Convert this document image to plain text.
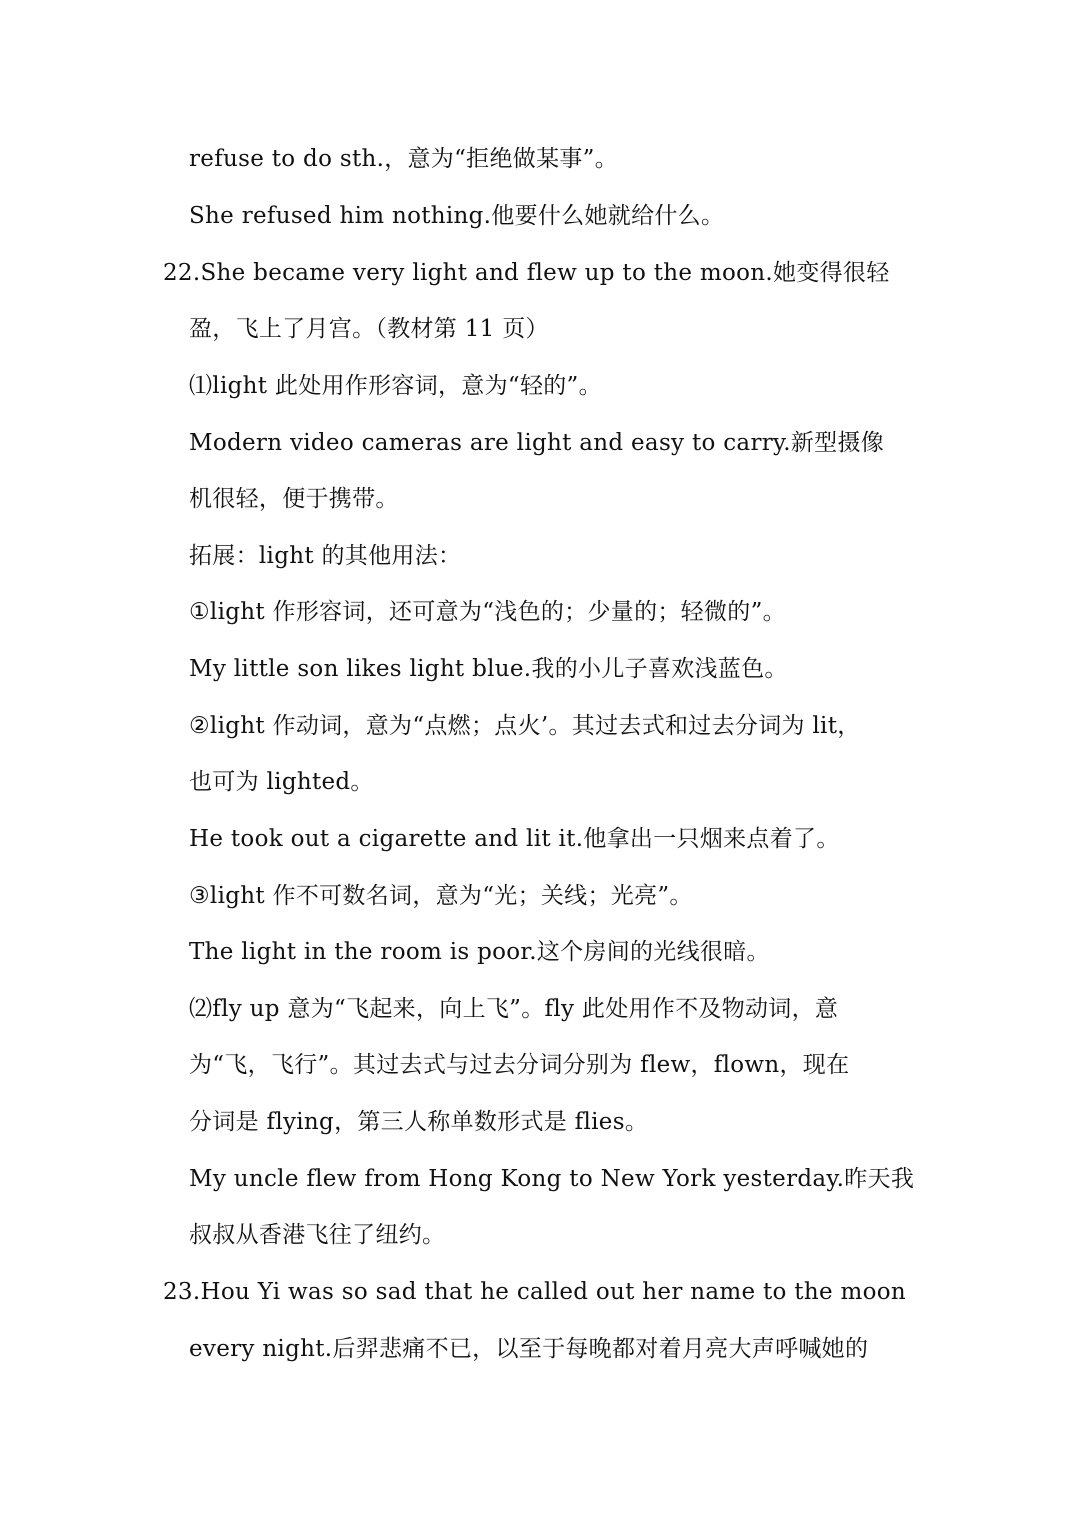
refuse to do sth.，意为“拒绝做某事”。
She refused him nothing.他要什么她就给什么。
22.She became very light and flew up to the moon.她变得很轻
盈，飞上了月宫。（教材第 11 页）
⑴light 此处用作形容词，意为“轻的”。
Modern video cameras are light and easy to carry.新型摄像
机很轻，便于携带。
拓展：light 的其他用法：
①light 作形容词，还可意为“浅色的；少量的；轻微的”。
My little son likes light blue.我的小儿子喜欢浅蓝色。
②light 作动词，意为“点燃；点火’。其过去式和过去分词为 lit，
也可为 lighted。
He took out a cigarette and lit it.他拿出一只烟来点着了。
③light 作不可数名词，意为“光；关线；光亮”。
The light in the room is poor.这个房间的光线很暗。
⑵fly up 意为“飞起来，向上飞”。fly 此处用作不及物动词，意
为“飞，飞行”。其过去式与过去分词分别为 flew，flown，现在
分词是 flying，第三人称单数形式是 flies。
My uncle flew from Hong Kong to New York yesterday.昨天我
叔叔从香港飞往了纽约。
23.Hou Yi was so sad that he called out her name to the moon
every night.后羿悲痛不已，以至于每晚都对着月亮大声呼喊她的
